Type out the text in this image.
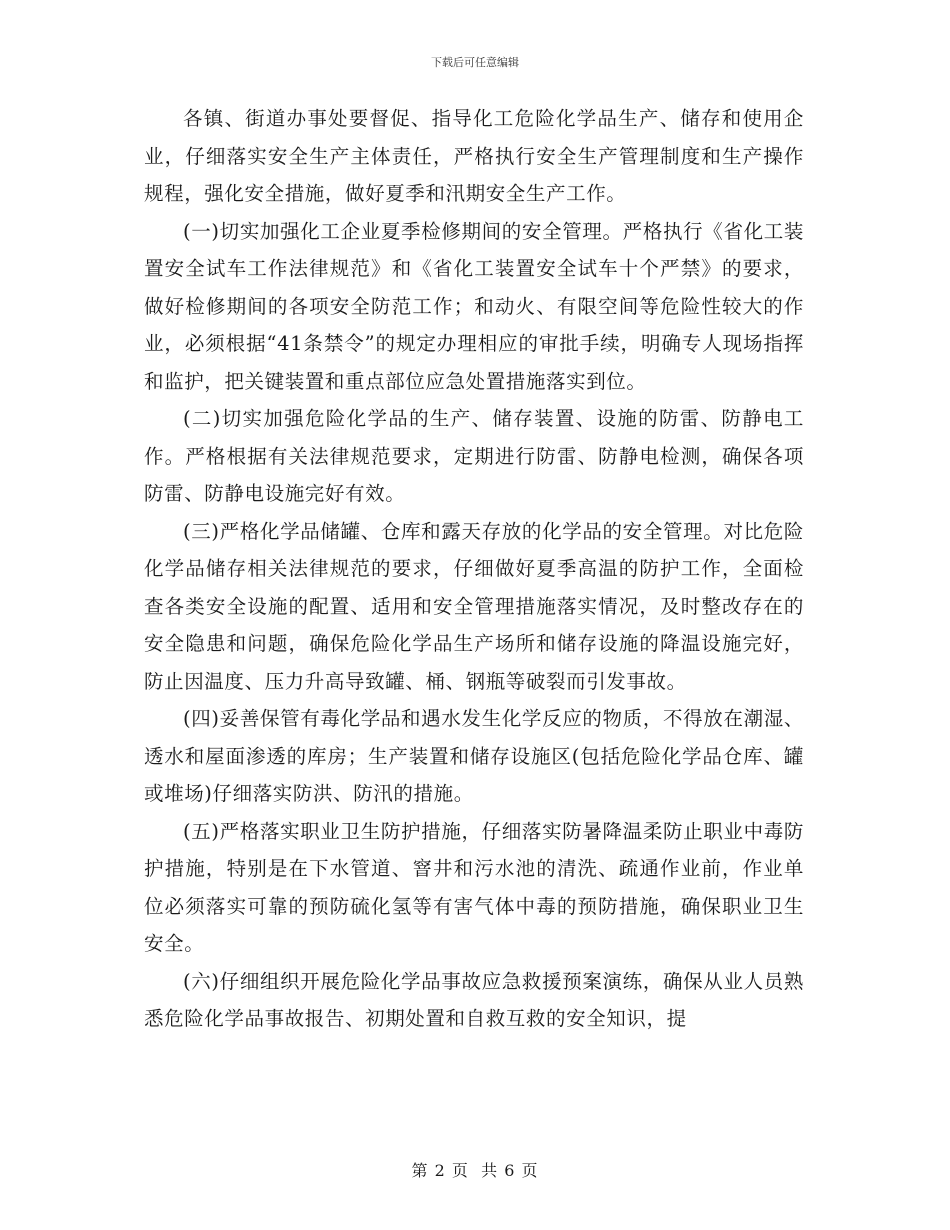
下载后可任意编辑

各镇、街道办事处要督促、指导化工危险化学品生产、储存和使用企业，仔细落实安全生产主体责任，严格执行安全生产管理制度和生产操作规程，强化安全措施，做好夏季和汛期安全生产工作。

(一)切实加强化工企业夏季检修期间的安全管理。严格执行《省化工装置安全试车工作法律规范》和《省化工装置安全试车十个严禁》的要求，做好检修期间的各项安全防范工作；和动火、有限空间等危险性较大的作业，必须根据“41条禁令”的规定办理相应的审批手续，明确专人现场指挥和监护，把关键装置和重点部位应急处置措施落实到位。

(二)切实加强危险化学品的生产、储存装置、设施的防雷、防静电工作。严格根据有关法律规范要求，定期进行防雷、防静电检测，确保各项防雷、防静电设施完好有效。

(三)严格化学品储罐、仓库和露天存放的化学品的安全管理。对比危险化学品储存相关法律规范的要求，仔细做好夏季高温的防护工作，全面检查各类安全设施的配置、适用和安全管理措施落实情况，及时整改存在的安全隐患和问题，确保危险化学品生产场所和储存设施的降温设施完好，防止因温度、压力升高导致罐、桶、钢瓶等破裂而引发事故。

(四)妥善保管有毒化学品和遇水发生化学反应的物质，不得放在潮湿、透水和屋面渗透的库房；生产装置和储存设施区(包括危险化学品仓库、罐或堆场)仔细落实防洪、防汛的措施。

(五)严格落实职业卫生防护措施，仔细落实防暑降温柔防止职业中毒防护措施，特别是在下水管道、窨井和污水池的清洗、疏通作业前，作业单位必须落实可靠的预防硫化氢等有害气体中毒的预防措施，确保职业卫生安全。

(六)仔细组织开展危险化学品事故应急救援预案演练，确保从业人员熟悉危险化学品事故报告、初期处置和自救互救的安全知识，提

第 2 页  共 6 页
